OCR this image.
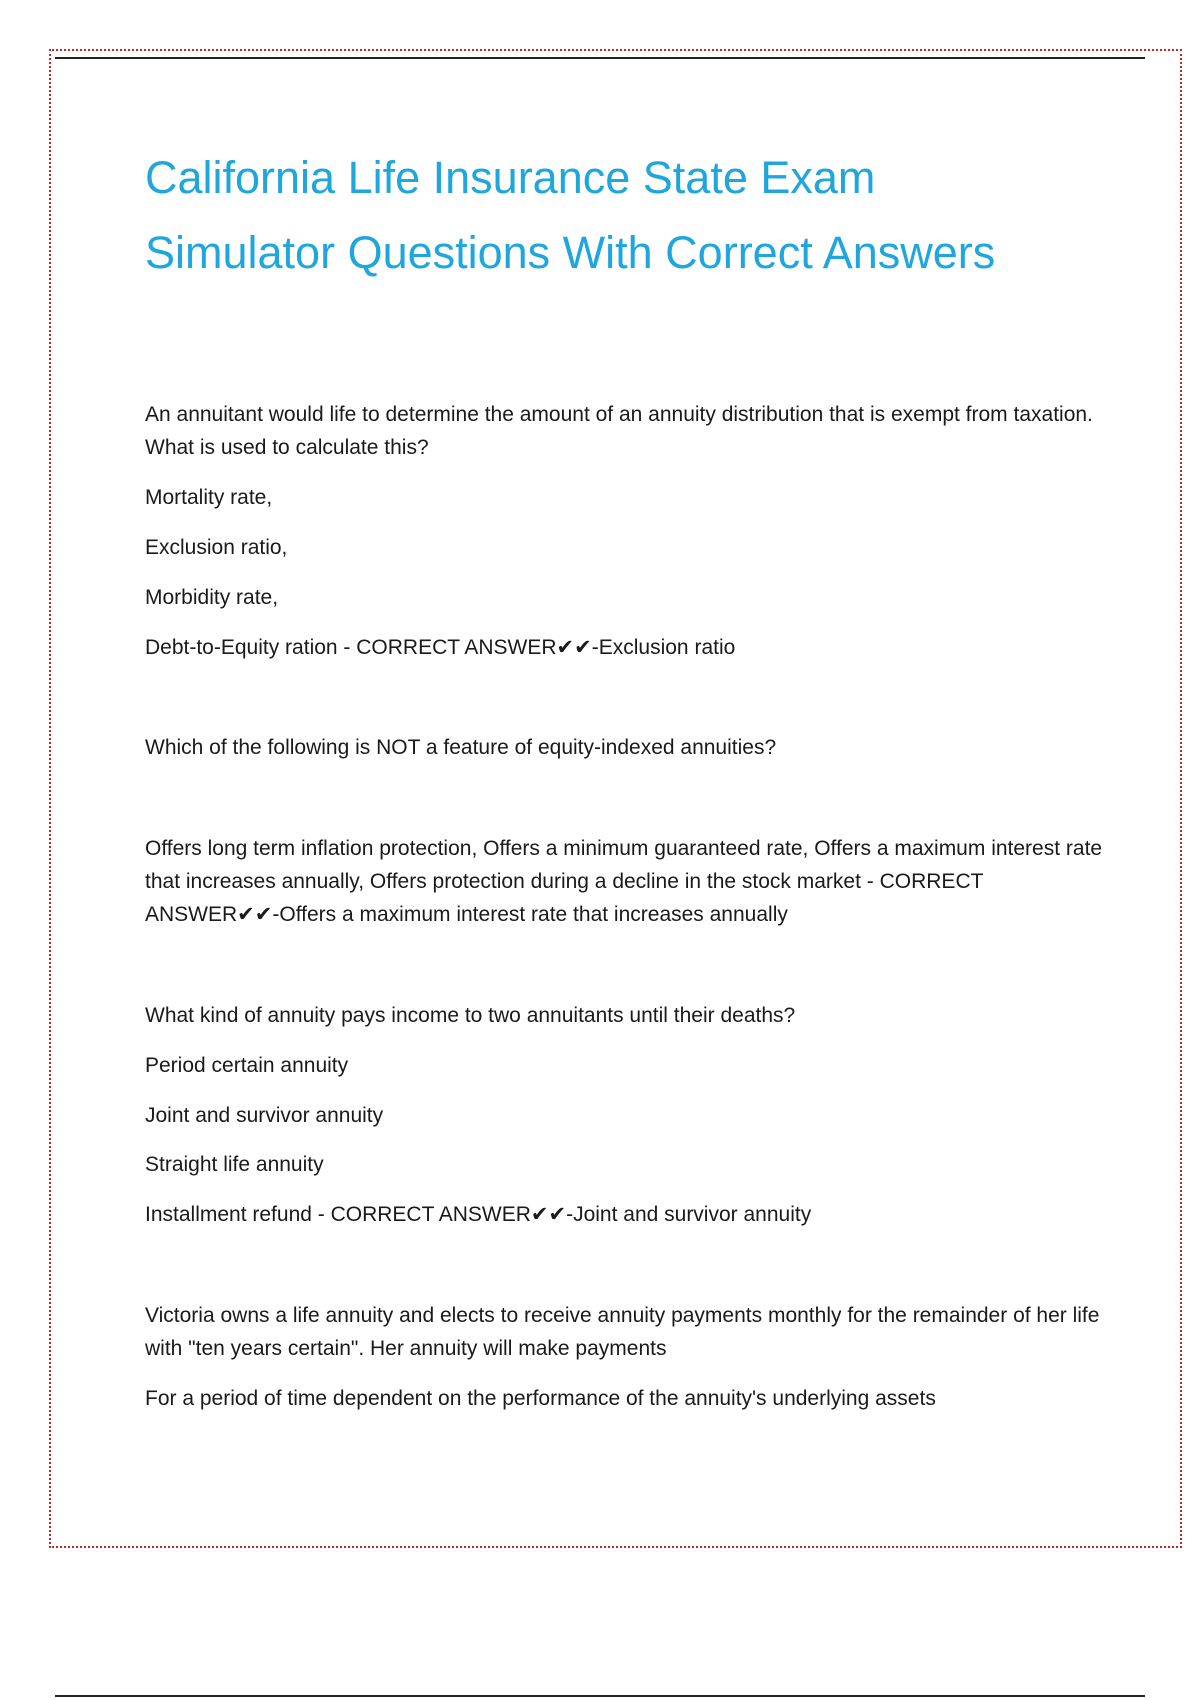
California Life Insurance State Exam
Simulator Questions With Correct Answers

An annuitant would life to determine the amount of an annuity distribution that is exempt from taxation. What is used to calculate this?

Mortality rate,

Exclusion ratio,

Morbidity rate,

Debt-to-Equity ration - CORRECT ANSWER✔✔-Exclusion ratio

Which of the following is NOT a feature of equity-indexed annuities?

Offers long term inflation protection, Offers a minimum guaranteed rate, Offers a maximum interest rate that increases annually, Offers protection during a decline in the stock market - CORRECT ANSWER✔✔-Offers a maximum interest rate that increases annually

What kind of annuity pays income to two annuitants until their deaths?

Period certain annuity

Joint and survivor annuity

Straight life annuity

Installment refund - CORRECT ANSWER✔✔-Joint and survivor annuity

Victoria owns a life annuity and elects to receive annuity payments monthly for the remainder of her life with "ten years certain". Her annuity will make payments

For a period of time dependent on the performance of the annuity's underlying assets
